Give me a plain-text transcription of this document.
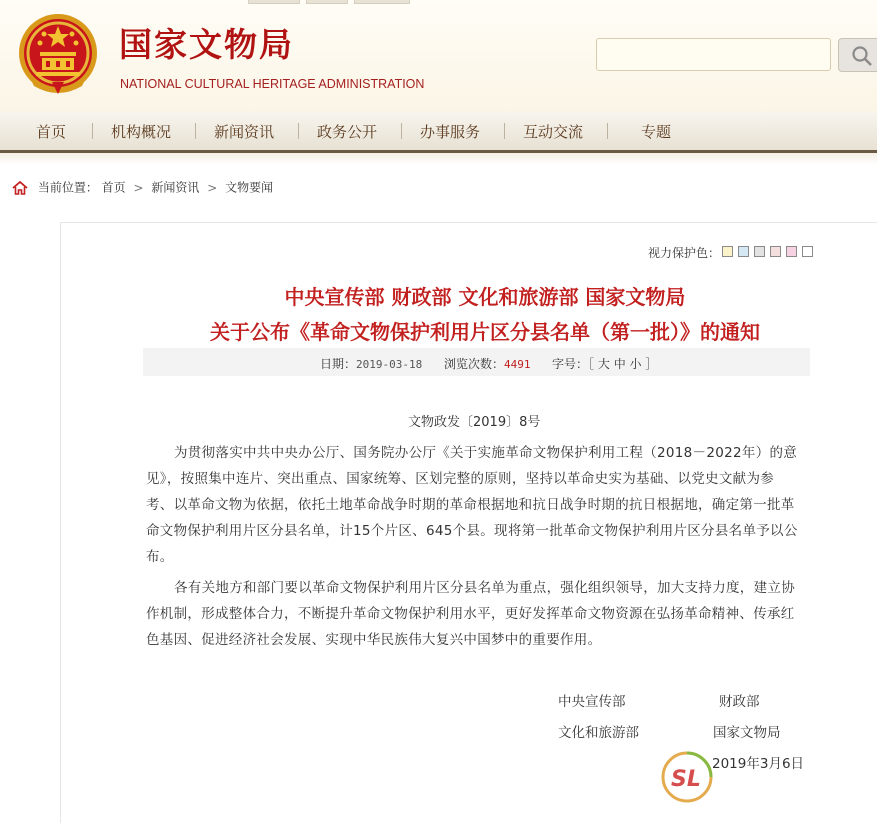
国家文物局
NATIONAL CULTURAL HERITAGE ADMINISTRATION
首页	机构概况	新闻资讯	政务公开	办事服务	互动交流	专题
当前位置： 首页 > 新闻资讯 > 文物要闻
视力保护色：
中央宣传部 财政部 文化和旅游部 国家文物局
关于公布《革命文物保护利用片区分县名单（第一批）》的通知
日期：2019-03-18 浏览次数：4491 字号：［ 大 中 小 ］
文物政发〔2019〕8号
为贯彻落实中共中央办公厅、国务院办公厅《关于实施革命文物保护利用工程（2018－2022年）的意
见》，按照集中连片、突出重点、国家统筹、区划完整的原则，坚持以革命史实为基础、以党史文献为参
考、以革命文物为依据，依托土地革命战争时期的革命根据地和抗日战争时期的抗日根据地，确定第一批革
命文物保护利用片区分县名单，计15个片区、645个县。现将第一批革命文物保护利用片区分县名单予以公
布。
各有关地方和部门要以革命文物保护利用片区分县名单为重点，强化组织领导，加大支持力度，建立协
作机制，形成整体合力，不断提升革命文物保护利用水平，更好发挥革命文物资源在弘扬革命精神、传承红
色基因、促进经济社会发展、实现中华民族伟大复兴中国梦中的重要作用。
中央宣传部	财政部
文化和旅游部	国家文物局
2019年3月6日
SL
